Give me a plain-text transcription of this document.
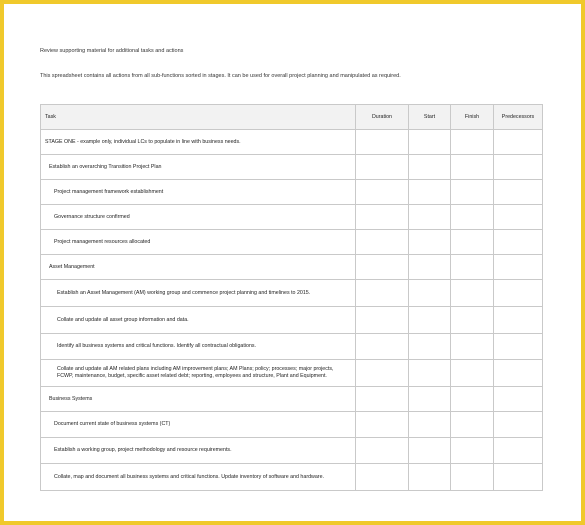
Review supporting material for additional tasks and actions
This spreadsheet contains all actions from all sub-functions sorted in stages. It can be used for overall project planning and manipulated as required.
Task	Duration	Start	Finish	Predecessors
STAGE ONE - example only, individual LCs to populate in line with business needs.				
Establish an overarching Transition Project Plan				
Project management framework establishment				
Governance structure confirmed				
Project management resources allocated				
Asset Management				
Establish an Asset Management (AM) working group and commence project planning and timelines to 2015.				
Collate and update all asset group information and data.				
Identify all business systems and critical functions. Identify all contractual obligations.				
Collate and update all AM related plans including AM improvement plans; AM Plans; policy; processes; major projects, FCWP, maintenance, budget, specific asset related debt; reporting, employees and structure, Plant and Equipment.				
Business Systems				
Document current state of business systems (CT)				
Establish a working group, project methodology and resource requirements.				
Collate, map and document all business systems and critical functions. Update inventory of software and hardware.				
